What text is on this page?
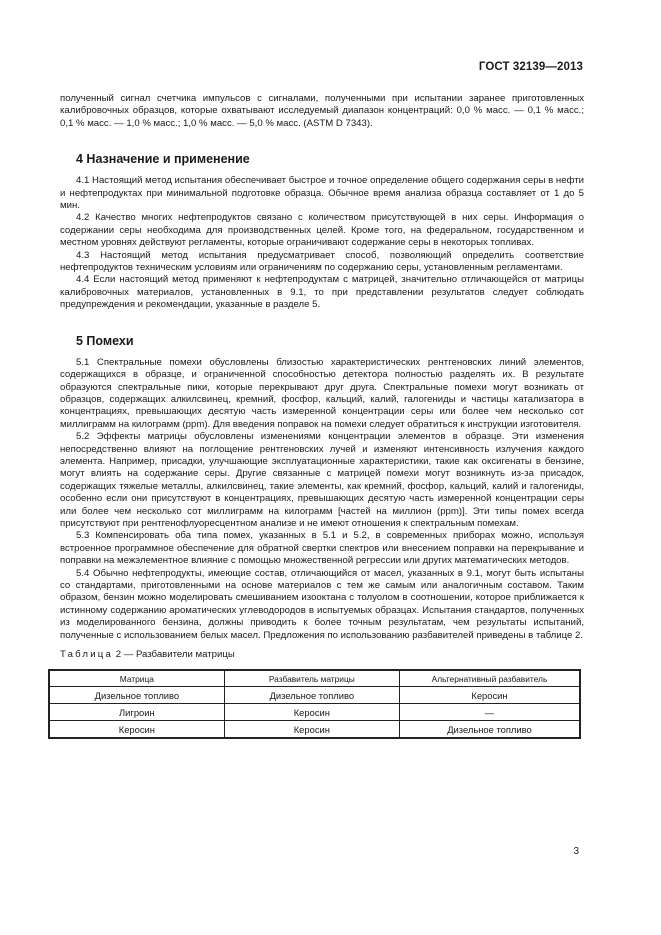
ГОСТ 32139—2013

полученный сигнал счетчика импульсов с сигналами, полученными при испытании заранее приготовленных калибровочных образцов, которые охватывают исследуемый диапазон концентраций: 0,0 % масс. — 0,1 % масс.; 0,1 % масс. — 1,0 % масс.; 1,0 % масс. — 5,0 % масс. (ASTM D 7343).

4 Назначение и применение

4.1 Настоящий метод испытания обеспечивает быстрое и точное определение общего содержания серы в нефти и нефтепродуктах при минимальной подготовке образца. Обычное время анализа образца составляет от 1 до 5 мин.

4.2 Качество многих нефтепродуктов связано с количеством присутствующей в них серы. Информация о содержании серы необходима для производственных целей. Кроме того, на федеральном, государственном и местном уровнях действуют регламенты, которые ограничивают содержание серы в некоторых топливах.

4.3 Настоящий метод испытания предусматривает способ, позволяющий определить соответствие нефтепродуктов техническим условиям или ограничениям по содержанию серы, установленным регламентами.

4.4 Если настоящий метод применяют к нефтепродуктам с матрицей, значительно отличающейся от матрицы калибровочных материалов, установленных в 9.1, то при представлении результатов следует соблюдать предупреждения и рекомендации, указанные в разделе 5.

5 Помехи

5.1 Спектральные помехи обусловлены близостью характеристических рентгеновских линий элементов, содержащихся в образце, и ограниченной способностью детектора полностью разделять их. В результате образуются спектральные пики, которые перекрывают друг друга. Спектральные помехи могут возникать от образцов, содержащих алкилсвинец, кремний, фосфор, кальций, калий, галогениды и частицы катализатора в концентрациях, превышающих десятую часть измеренной концентрации серы или более чем несколько сот миллиграмм на килограмм (ppm). Для введения поправок на помехи следует обратиться к инструкции изготовителя.

5.2 Эффекты матрицы обусловлены изменениями концентрации элементов в образце. Эти изменения непосредственно влияют на поглощение рентгеновских лучей и изменяют интенсивность излучения каждого элемента. Например, присадки, улучшающие эксплуатационные характеристики, такие как оксигенаты в бензине, могут влиять на содержание серы. Другие связанные с матрицей помехи могут возникнуть из-за присадок, содержащих тяжелые металлы, алкилсвинец, такие элементы, как кремний, фосфор, кальций, калий и галогениды, особенно если они присутствуют в концентрациях, превышающих десятую часть измеренной концентрации серы или более чем несколько сот миллиграмм на килограмм [частей на миллион (ppm)]. Эти типы помех всегда присутствуют при рентгенофлуоресцентном анализе и не имеют отношения к спектральным помехам.

5.3 Компенсировать оба типа помех, указанных в 5.1 и 5.2, в современных приборах можно, используя встроенное программное обеспечение для обратной свертки спектров или внесением поправки на перекрывание и поправки на межэлементное влияние с помощью множественной регрессии или других математических методов.

5.4 Обычно нефтепродукты, имеющие состав, отличающийся от масел, указанных в 9.1, могут быть испытаны со стандартами, приготовленными на основе материалов с тем же самым или аналогичным составом. Таким образом, бензин можно моделировать смешиванием изооктана с толуолом в соотношении, которое приближается к истинному содержанию ароматических углеводородов в испытуемых образцах. Испытания стандартов, полученных из моделированного бензина, должны приводить к более точным результатам, чем результаты испытаний, полученные с использованием белых масел. Предложения по использованию разбавителей приведены в таблице 2.

Таблица 2 — Разбавители матрицы
Матрица	Разбавитель матрицы	Альтернативный разбавитель
Дизельное топливо	Дизельное топливо	Керосин
Лигроин	Керосин	—
Керосин	Керосин	Дизельное топливо
3
